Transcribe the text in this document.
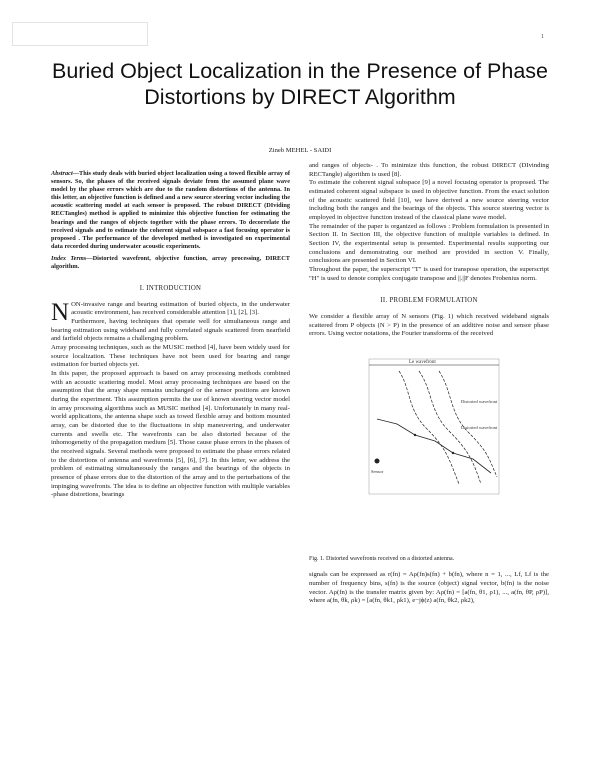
1
Buried Object Localization in the Presence of Phase Distortions by DIRECT Algorithm
Zineb MEHEL - SAIDI

Abstract—This study deals with buried object localization using a towed flexible array of sensors. So, the phases of the received signals deviate from the assumed plane wave model by the phase errors which are due to the random distortions of the antenna. In this letter, an objective function is defined and a new source steering vector including the acoustic scattering model at each sensor is proposed. The robust DIRECT (DIviding RECTangles) method is applied to minimize this objective function for estimating the bearings and the ranges of objects together with the phase errors. To decorrelate the received signals and to estimate the coherent signal subspace a fast focusing operator is proposed . The performance of the developed method is investigated on experimental data recorded during underwater acoustic experiments.

Index Terms—Distorted wavefront, objective function, array processing, DIRECT algorithm.

I. INTRODUCTION

NON-invasive range and bearing estimation of buried objects, in the underwater acoustic environment, has received considerable attention [1], [2], [3].

Furthermore, having techniques that operate well for simultaneous range and bearing estimation using wideband and fully correlated signals scattered from nearfield and farfield objects remains a challenging problem.

Array processing techniques, such as the MUSIC method [4], have been widely used for source localization. These techniques have not been used for bearing and range estimation for buried objects yet.

In this paper, the proposed approach is based on array processing methods combined with an acoustic scattering model. Most array processing techniques are based on the assumption that the array shape remains unchanged or the sensor positions are known during the experiment. This assumption permits the use of known steering vector model in array processing algorithms such as MUSIC method [4]. Unfortunately in many real-world applications, the antenna shape such as towed flexible array and bottom mounted array, can be distorted due to the fluctuations in ship maneuvering, and underwater currents and swells etc. The wavefronts can be also distorted because of the inhomogeneity of the propagation medium [5]. Those cause phase errors in the phases of the received signals. Several methods were proposed to estimate the phase errors related to the distortions of antenna and wavefronts [5], [6], [7]. In this letter, we address the problem of estimating simultaneously the ranges and the bearings of the objects in presence of phase errors due to the distortion of the array and to the perturbations of the impinging wavefronts. The idea is to define an objective function with multiple variables -phase distortions, bearings

and ranges of objects- . To minimize this function, the robust DIRECT (DIvinding RECTangle) algorithm is used [8].

To estimate the coherent signal subspace [9] a novel focusing operator is proposed. The estimated coherent signal subspace is used in objective function. From the exact solution of the acoustic scattered field [10], we have derived a new source steering vector including both the ranges and the bearings of the objects. This source steering vector is employed in objective function instead of the classical plane wave model.

The remainder of the paper is organized as follows : Problem formulation is presented in Section II. In Section III, the objective function of multiple variables is defined. In Section IV, the experimental setup is presented. Experimental results supporting our conclusions and demonstrating our method are provided in section V. Finally, conclusions are presented in Section VI.

Throughout the paper, the superscript "T" is used for transpose operation, the superscript "H" is used to denote complex conjugate transpose and ||.||F denotes Frobenius norm.

II. PROBLEM FORMULATION

We consider a flexible array of N sensors (Fig. 1) which received wideband signals scattered from P objects (N > P) in the presence of an additive noise and sensor phase errors. Using vector notations, the Fourier transforms of the received

Le wavefront
Distorted wavefront
Distorted wavefront
Sensor

Fig. 1. Distorted wavefronts received on a distorted antenna.

signals can be expressed as r(fn) = Aρ(fn)s(fn) + b(fn), where n = 1, ..., Lf, Lf is the number of frequency bins, s(fn) is the source (object) signal vector, b(fn) is the noise vector. Aρ(fn) is the transfer matrix given by: Aρ(fn) = [a(fn, θ1, ρ1), ..., a(fn, θP, ρP)], where a(fn, θk, ρk) = [a(fn, θk1, ρk1), e−jϕ(z) a(fn, θk2, ρk2),
